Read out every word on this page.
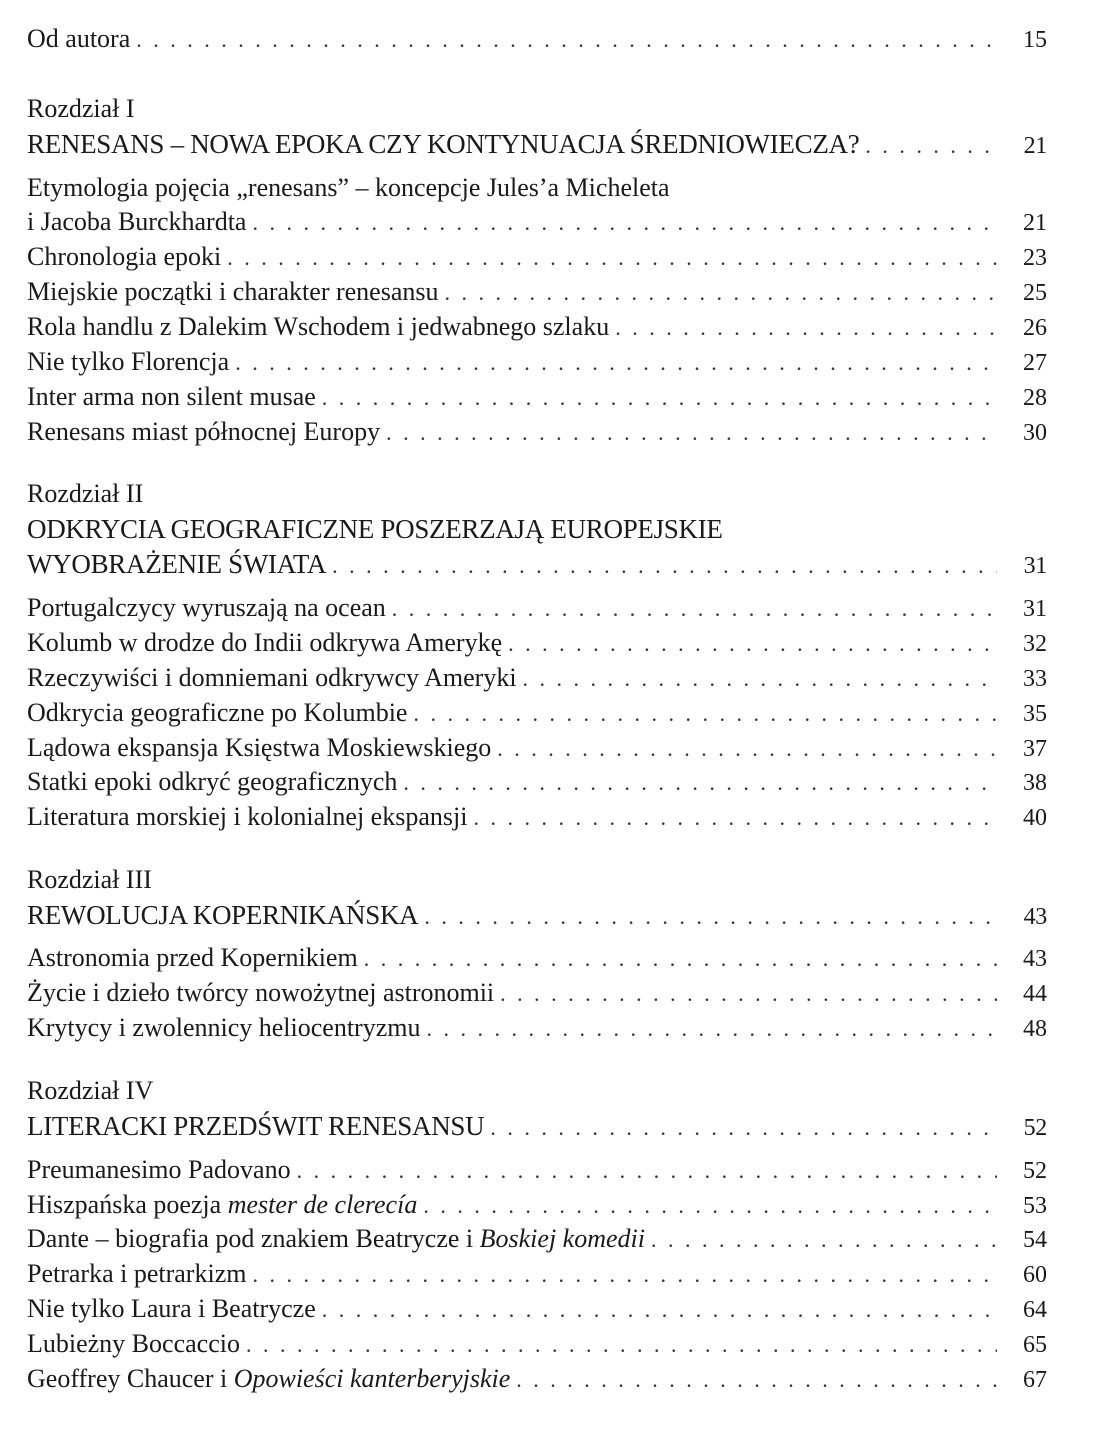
Od autora . . .	15
Rozdział I
RENESANS – NOWA EPOKA CZY KONTYNUACJA ŚREDNIOWIECZA? . . .	21
Etymologia pojęcia „renesans” – koncepcje Jules’a Micheleta
i Jacoba Burckhardta . . .	21
Chronologia epoki . . .	23
Miejskie początki i charakter renesansu . . .	25
Rola handlu z Dalekim Wschodem i jedwabnego szlaku . . .	26
Nie tylko Florencja . . .	27
Inter arma non silent musae . . .	28
Renesans miast północnej Europy . . .	30
Rozdział II
ODKRYCIA GEOGRAFICZNE POSZERZAJĄ EUROPEJSKIE
WYOBRAŻENIE ŚWIATA . . .	31
Portugalczycy wyruszają na ocean . . .	31
Kolumb w drodze do Indii odkrywa Amerykę . . .	32
Rzeczywiści i domniemani odkrywcy Ameryki . . .	33
Odkrycia geograficzne po Kolumbie . . .	35
Lądowa ekspansja Księstwa Moskiewskiego . . .	37
Statki epoki odkryć geograficznych . . .	38
Literatura morskiej i kolonialnej ekspansji . . .	40
Rozdział III
REWOLUCJA KOPERNIKAŃSKA . . .	43
Astronomia przed Kopernikiem . . .	43
Życie i dzieło twórcy nowożytnej astronomii . . .	44
Krytycy i zwolennicy heliocentryzmu . . .	48
Rozdział IV
LITERACKI PRZEDŚWIT RENESANSU . . .	52
Preumanesimo Padovano . . .	52
Hiszpańska poezja mester de clerecía . . .	53
Dante – biografia pod znakiem Beatrycze i Boskiej komedii . . .	54
Petrarka i petrarkizm . . .	60
Nie tylko Laura i Beatrycze . . .	64
Lubieżny Boccaccio . . .	65
Geoffrey Chaucer i Opowieści kanterberyjskie . . .	67
